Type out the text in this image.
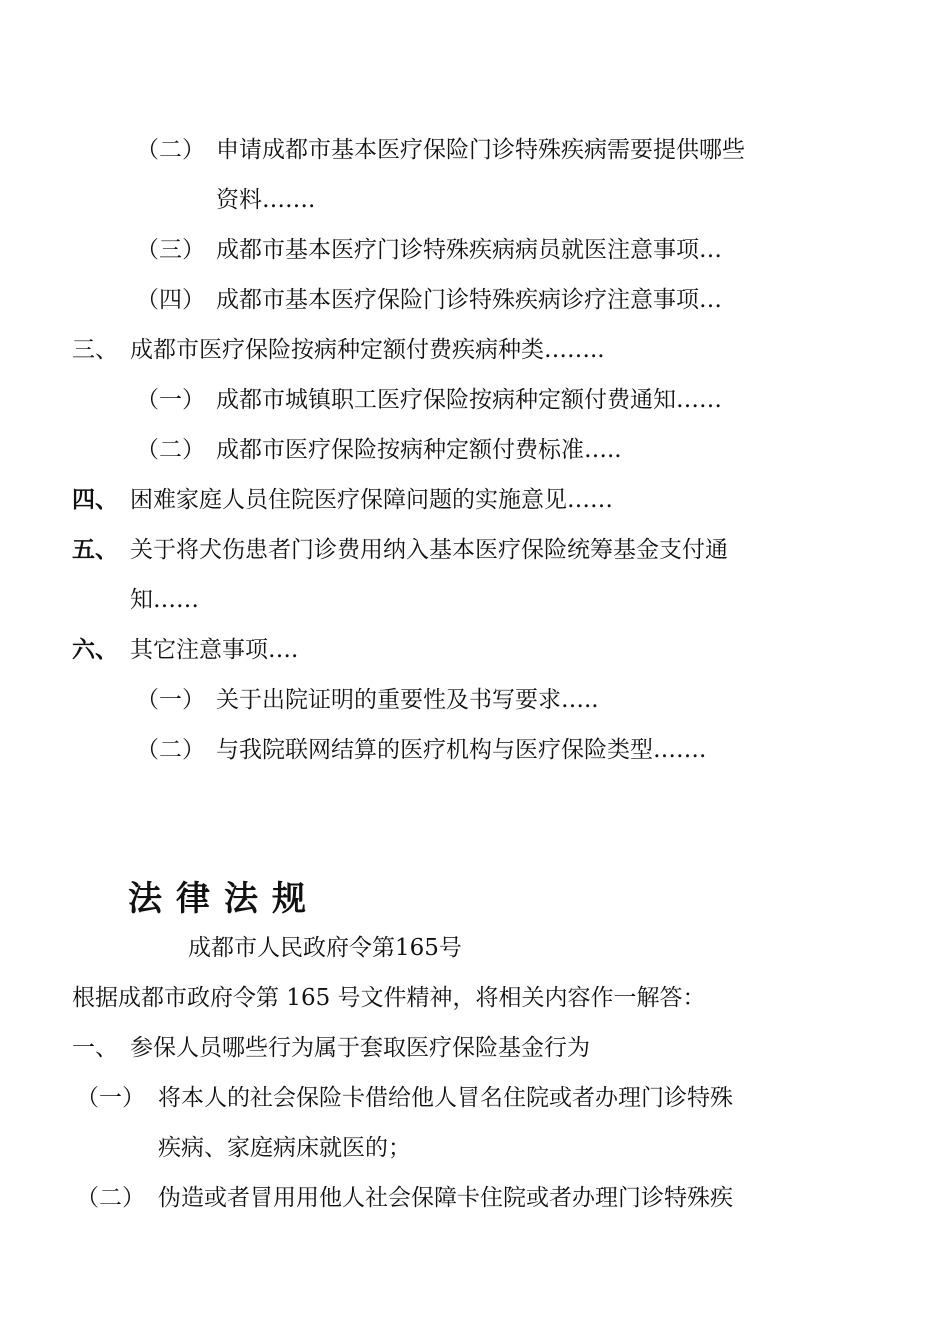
（二） 申请成都市基本医疗保险门诊特殊疾病需要提供哪些
资料…….
（三） 成都市基本医疗门诊特殊疾病病员就医注意事项…
（四） 成都市基本医疗保险门诊特殊疾病诊疗注意事项…
三、 成都市医疗保险按病种定额付费疾病种类……..
（一） 成都市城镇职工医疗保险按病种定额付费通知……
（二） 成都市医疗保险按病种定额付费标准…..
四、 困难家庭人员住院医疗保障问题的实施意见……
五、 关于将犬伤患者门诊费用纳入基本医疗保险统筹基金支付通
知……
六、 其它注意事项….
（一） 关于出院证明的重要性及书写要求…..
（二） 与我院联网结算的医疗机构与医疗保险类型…….
法律法规
成都市人民政府令第165号
根据成都市政府令第 165 号文件精神，将相关内容作一解答：
一、 参保人员哪些行为属于套取医疗保险基金行为
（一） 将本人的社会保险卡借给他人冒名住院或者办理门诊特殊
疾病、家庭病床就医的；
（二） 伪造或者冒用用他人社会保障卡住院或者办理门诊特殊疾
